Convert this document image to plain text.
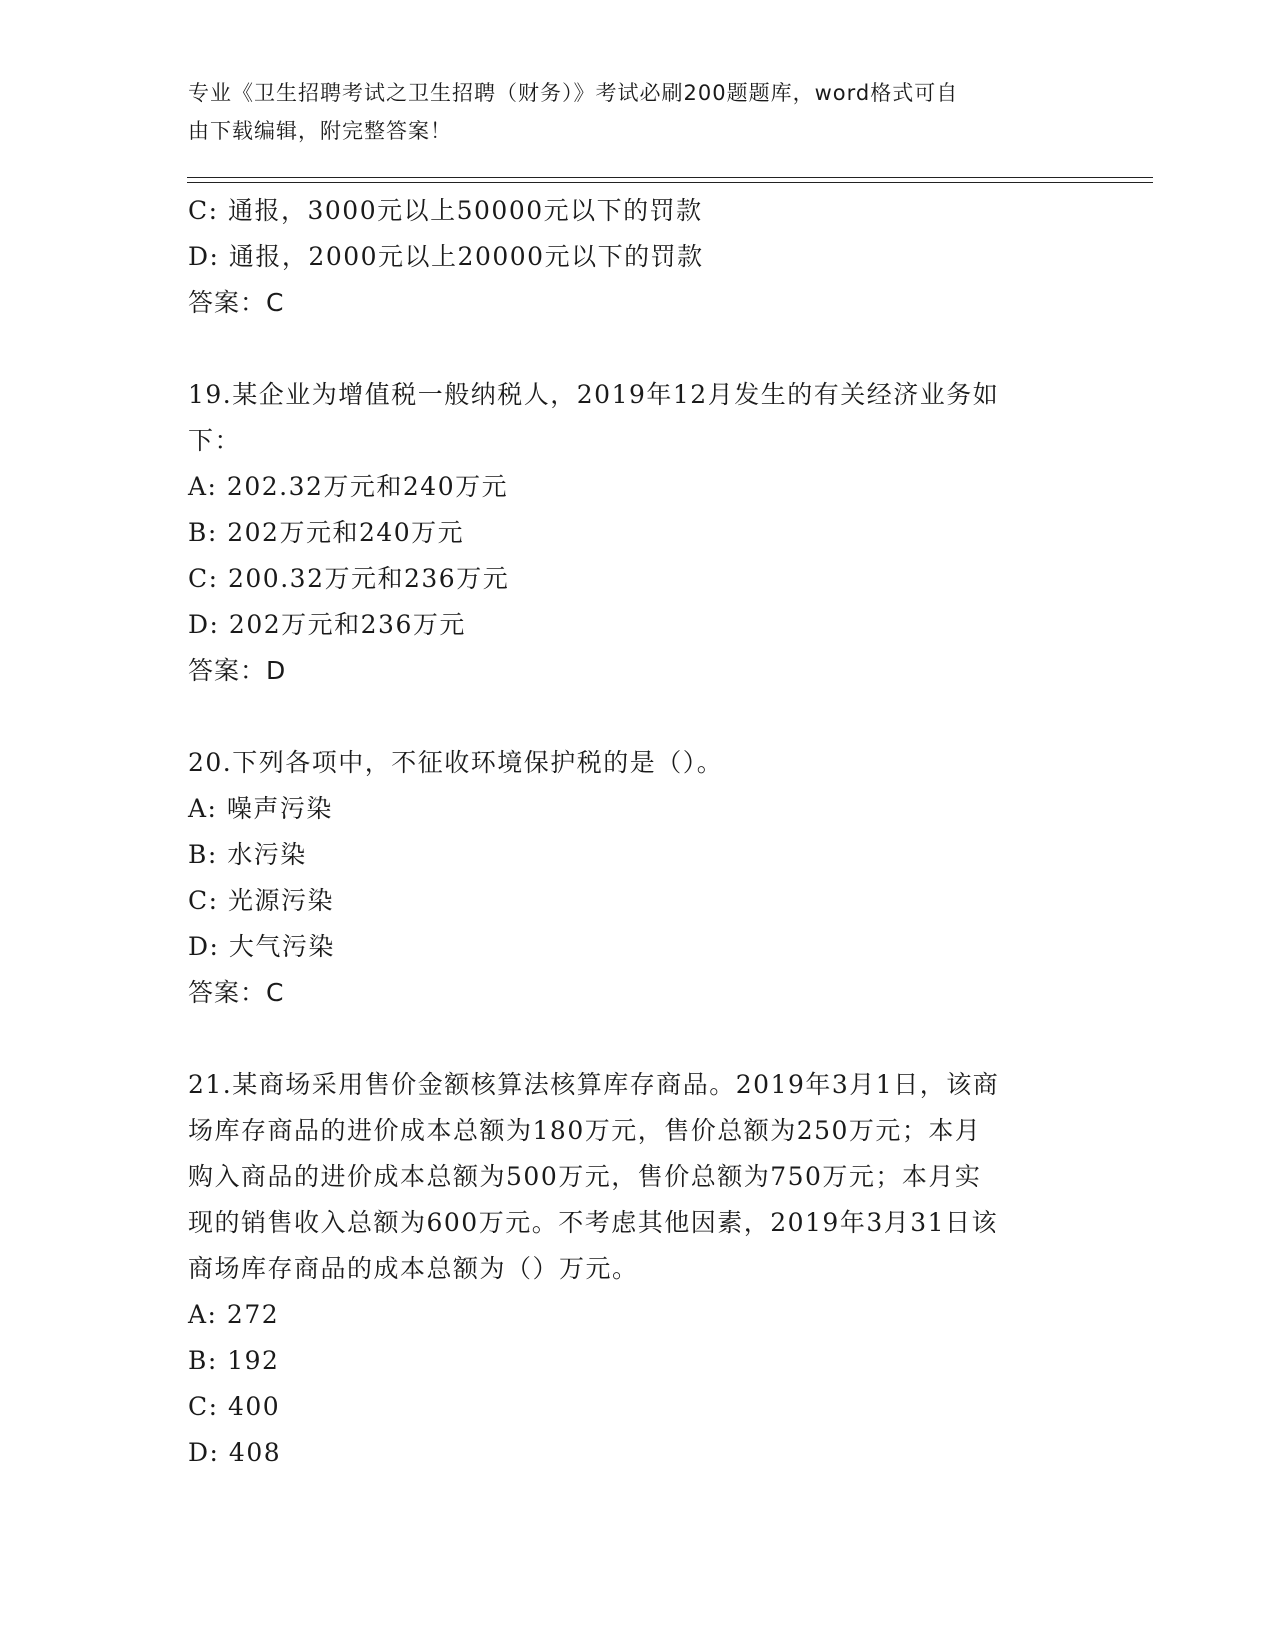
专业《卫生招聘考试之卫生招聘（财务）》考试必刷200题题库，word格式可自
由下载编辑，附完整答案！
C: 通报，3000元以上50000元以下的罚款
D: 通报，2000元以上20000元以下的罚款
答案：C
19.某企业为增值税一般纳税人，2019年12月发生的有关经济业务如
下：
A: 202.32万元和240万元
B: 202万元和240万元
C: 200.32万元和236万元
D: 202万元和236万元
答案：D
20.下列各项中，不征收环境保护税的是（）。
A: 噪声污染
B: 水污染
C: 光源污染
D: 大气污染
答案：C
21.某商场采用售价金额核算法核算库存商品。2019年3月1日，该商
场库存商品的进价成本总额为180万元，售价总额为250万元；本月
购入商品的进价成本总额为500万元，售价总额为750万元；本月实
现的销售收入总额为600万元。不考虑其他因素，2019年3月31日该
商场库存商品的成本总额为（）万元。
A: 272
B: 192
C: 400
D: 408
